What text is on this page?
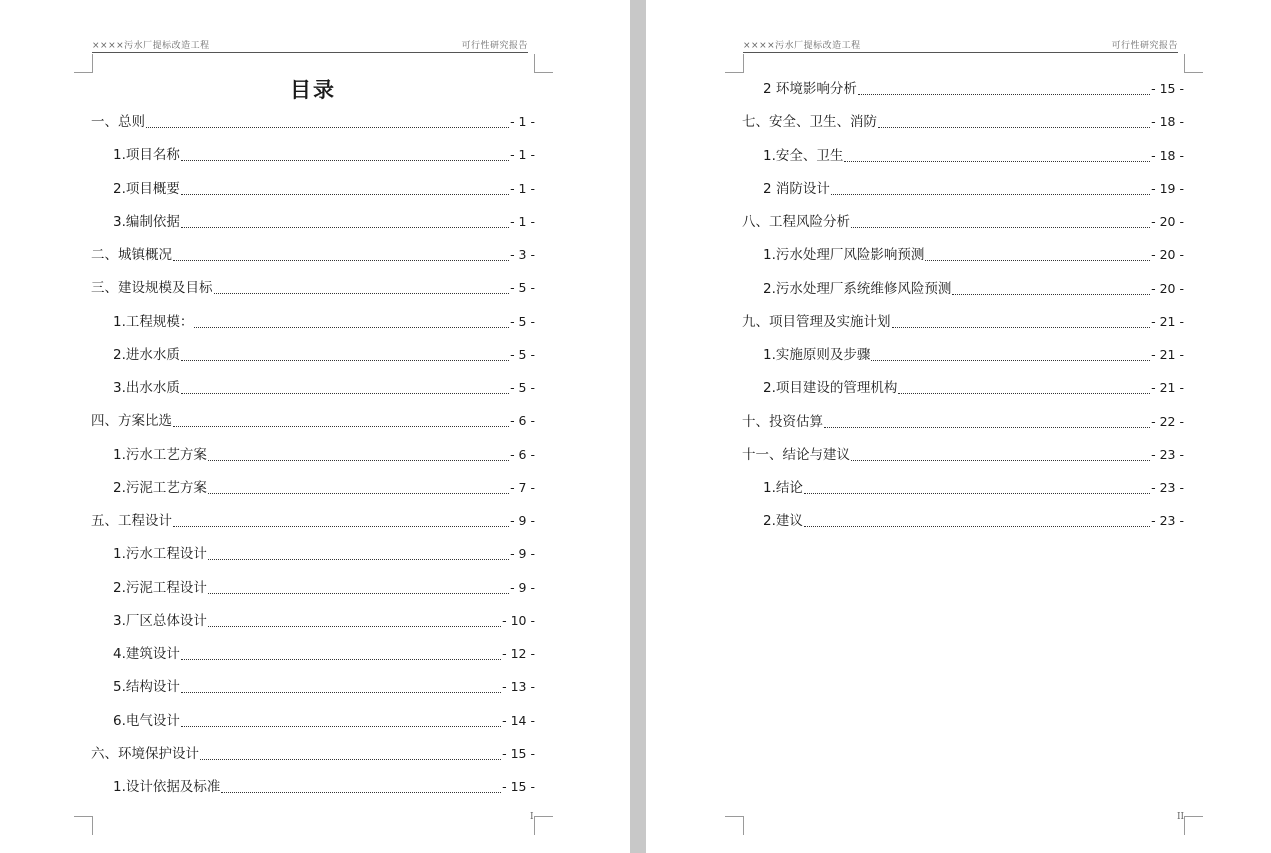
××××污水厂提标改造工程	可行性研究报告
目录
一、总则	- 1 -
1.项目名称	- 1 -
2.项目概要	- 1 -
3.编制依据	- 1 -
二、城镇概况	- 3 -
三、建设规模及目标	- 5 -
1.工程规模：	- 5 -
2.进水水质	- 5 -
3.出水水质	- 5 -
四、方案比选	- 6 -
1.污水工艺方案	- 6 -
2.污泥工艺方案	- 7 -
五、工程设计	- 9 -
1.污水工程设计	- 9 -
2.污泥工程设计	- 9 -
3.厂区总体设计	- 10 -
4.建筑设计	- 12 -
5.结构设计	- 13 -
6.电气设计	- 14 -
六、环境保护设计	- 15 -
1.设计依据及标准	- 15 -
I
××××污水厂提标改造工程	可行性研究报告
2 环境影响分析	- 15 -
七、安全、卫生、消防	- 18 -
1.安全、卫生	- 18 -
2 消防设计	- 19 -
八、工程风险分析	- 20 -
1.污水处理厂风险影响预测	- 20 -
2.污水处理厂系统维修风险预测	- 20 -
九、项目管理及实施计划	- 21 -
1.实施原则及步骤	- 21 -
2.项目建设的管理机构	- 21 -
十、投资估算	- 22 -
十一、结论与建议	- 23 -
1.结论	- 23 -
2.建议	- 23 -
II
